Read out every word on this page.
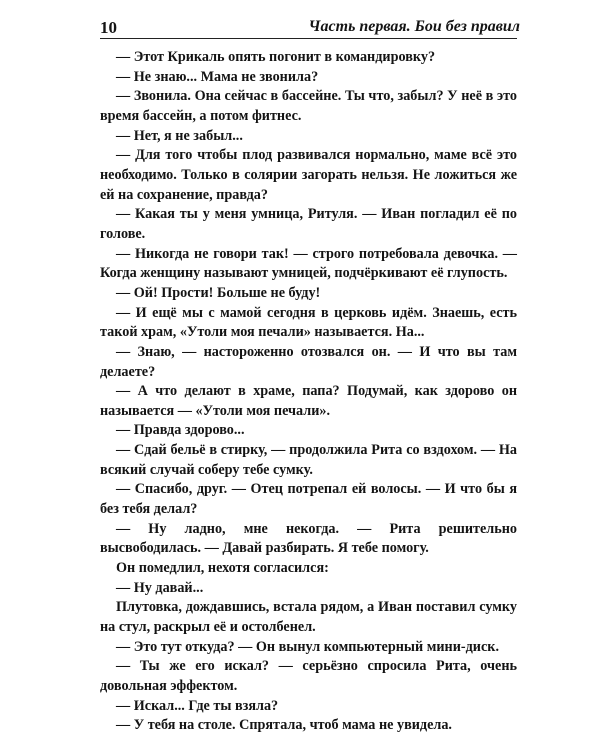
10	Часть первая. Бои без правил

— Этот Крикаль опять погонит в командировку?

— Не знаю... Мама не звонила?

— Звонила. Она сейчас в бассейне. Ты что, забыл? У неё в это время бассейн, а потом фитнес.

— Нет, я не забыл...

— Для того чтобы плод развивался нормально, маме всё это необходимо. Только в солярии загорать нельзя. Не ложиться же ей на сохранение, правда?

— Какая ты у меня умница, Ритуля. — Иван погладил её по голове.

— Никогда не говори так! — строго потребовала девочка. — Когда женщину называют умницей, подчёркивают её глупость.

— Ой! Прости! Больше не буду!

— И ещё мы с мамой сегодня в церковь идём. Знаешь, есть такой храм, «Утоли моя печали» называется. На...

— Знаю, — настороженно отозвался он. — И что вы там делаете?

— А что делают в храме, папа? Подумай, как здорово он называется — «Утоли моя печали».

— Правда здорово...

— Сдай бельё в стирку, — продолжила Рита со вздохом. — На всякий случай соберу тебе сумку.

— Спасибо, друг. — Отец потрепал ей волосы. — И что бы я без тебя делал?

— Ну ладно, мне некогда. — Рита решительно высвободилась. — Давай разбирать. Я тебе помогу.

Он помедлил, нехотя согласился:

— Ну давай...

Плутовка, дождавшись, встала рядом, а Иван поставил сумку на стул, раскрыл её и остолбенел.

— Это тут откуда? — Он вынул компьютерный мини-диск.

— Ты же его искал? — серьёзно спросила Рита, очень довольная эффектом.

— Искал... Где ты взяла?

— У тебя на столе. Спрятала, чтоб мама не увидела.
